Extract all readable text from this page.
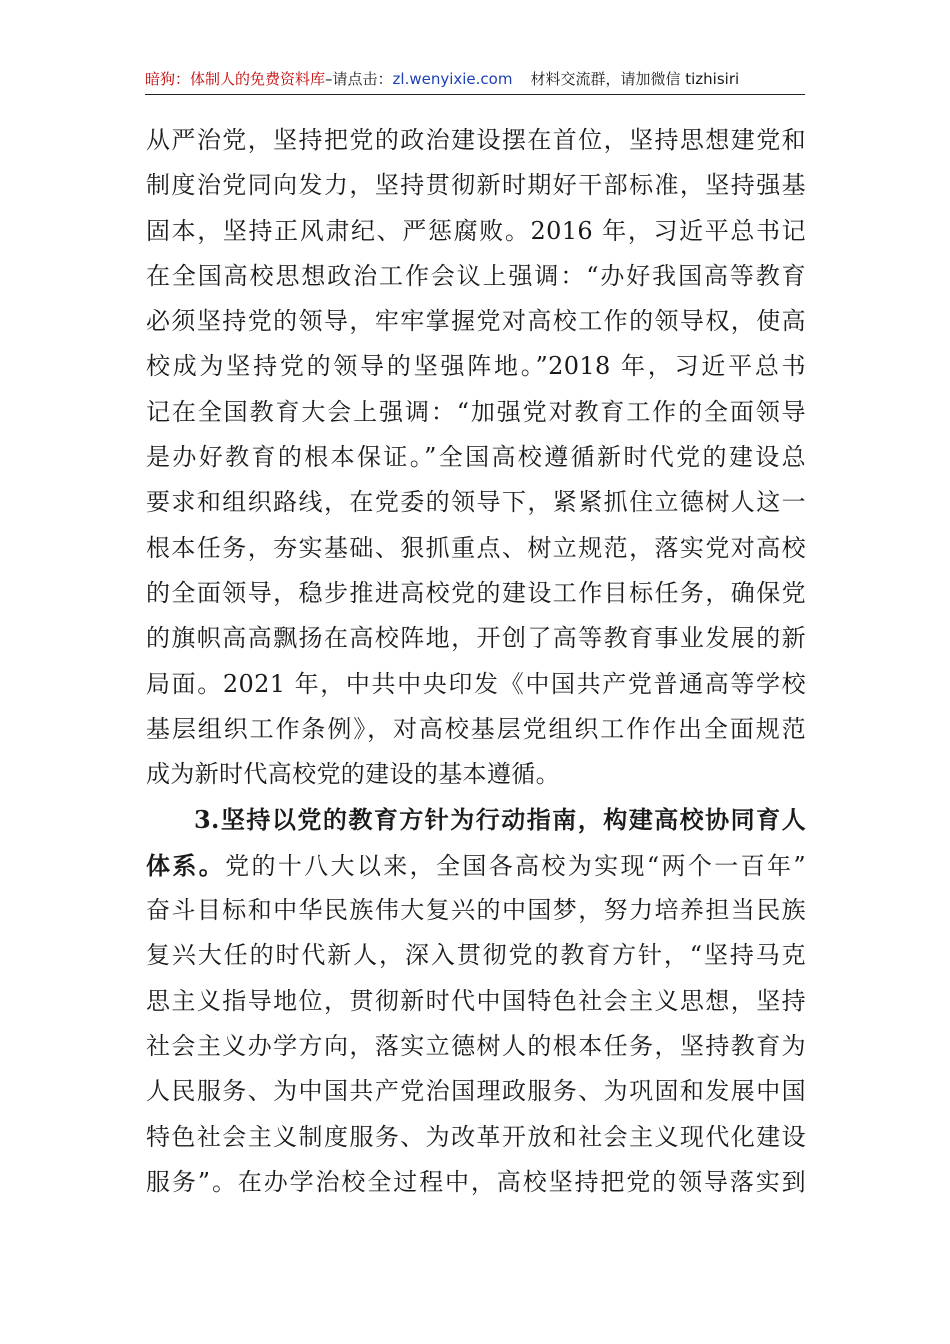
暗狗：体制人的免费资料库–请点击：zl.wenyixie.com 材料交流群，请加微信 tizhisiri
从严治党，坚持把党的政治建设摆在首位，坚持思想建党和
制度治党同向发力，坚持贯彻新时期好干部标准，坚持强基
固本，坚持正风肃纪、严惩腐败。2016 年，习近平总书记
在全国高校思想政治工作会议上强调：“办好我国高等教育
必须坚持党的领导，牢牢掌握党对高校工作的领导权，使高
校成为坚持党的领导的坚强阵地。”2018 年，习近平总书
记在全国教育大会上强调：“加强党对教育工作的全面领导
是办好教育的根本保证。”全国高校遵循新时代党的建设总
要求和组织路线，在党委的领导下，紧紧抓住立德树人这一
根本任务，夯实基础、狠抓重点、树立规范，落实党对高校
的全面领导，稳步推进高校党的建设工作目标任务，确保党
的旗帜高高飘扬在高校阵地，开创了高等教育事业发展的新
局面。2021 年，中共中央印发《中国共产党普通高等学校
基层组织工作条例》，对高校基层党组织工作作出全面规范
成为新时代高校党的建设的基本遵循。
3.坚持以党的教育方针为行动指南，构建高校协同育人
体系。党的十八大以来，全国各高校为实现“两个一百年”
奋斗目标和中华民族伟大复兴的中国梦，努力培养担当民族
复兴大任的时代新人，深入贯彻党的教育方针，“坚持马克
思主义指导地位，贯彻新时代中国特色社会主义思想，坚持
社会主义办学方向，落实立德树人的根本任务，坚持教育为
人民服务、为中国共产党治国理政服务、为巩固和发展中国
特色社会主义制度服务、为改革开放和社会主义现代化建设
服务”。在办学治校全过程中，高校坚持把党的领导落实到
